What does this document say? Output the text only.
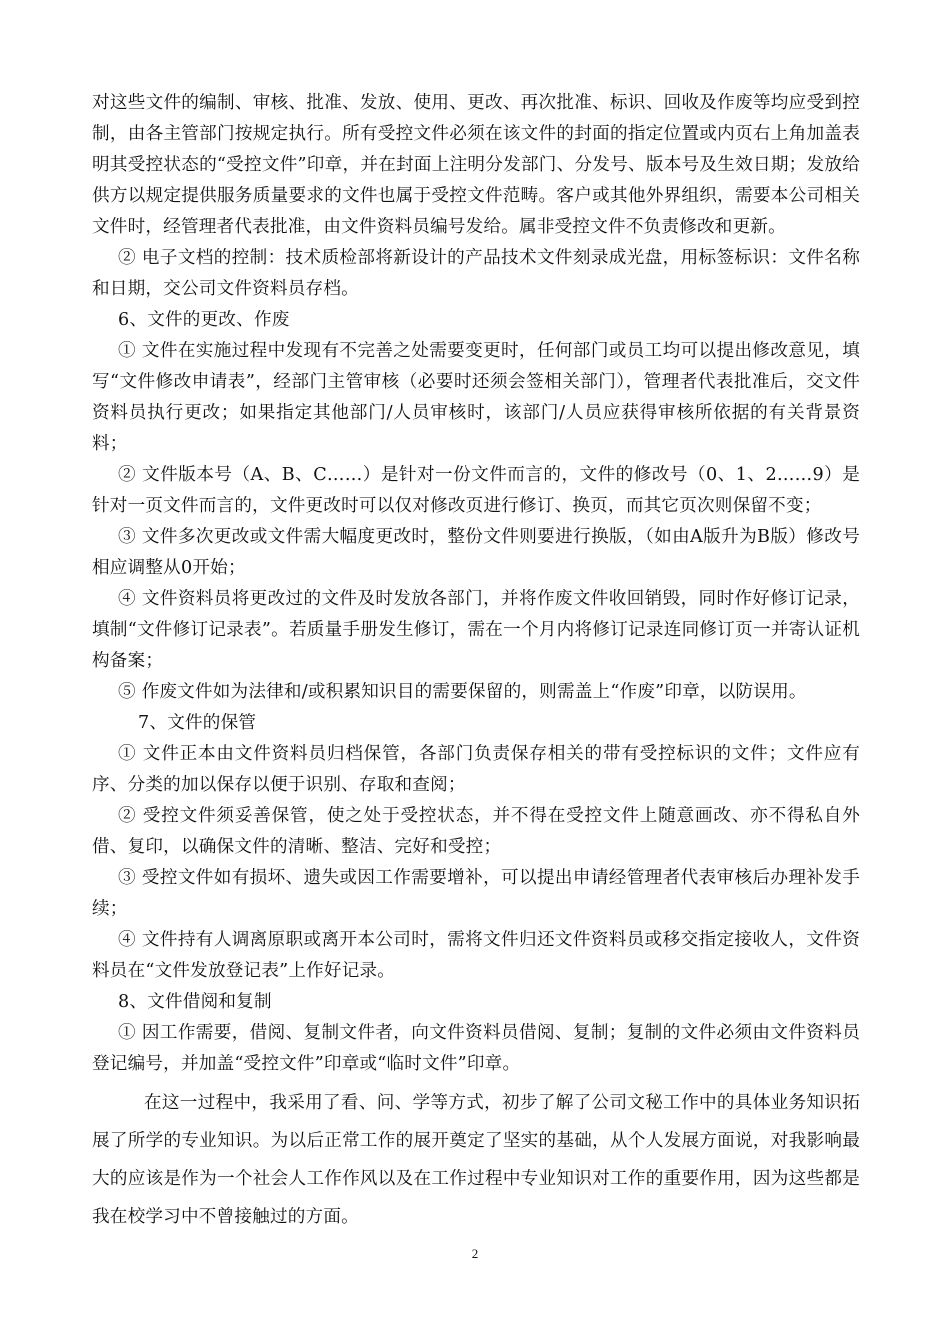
对这些文件的编制、审核、批准、发放、使用、更改、再次批准、标识、回收及作废等均应受到控制，由各主管部门按规定执行。所有受控文件必须在该文件的封面的指定位置或内页右上角加盖表明其受控状态的“受控文件”印章，并在封面上注明分发部门、分发号、版本号及生效日期；发放给供方以规定提供服务质量要求的文件也属于受控文件范畴。客户或其他外界组织，需要本公司相关文件时，经管理者代表批准，由文件资料员编号发给。属非受控文件不负责修改和更新。

② 电子文档的控制：技术质检部将新设计的产品技术文件刻录成光盘，用标签标识：文件名称和日期，交公司文件资料员存档。

6、文件的更改、作废

① 文件在实施过程中发现有不完善之处需要变更时，任何部门或员工均可以提出修改意见，填写“文件修改申请表”，经部门主管审核（必要时还须会签相关部门），管理者代表批准后，交文件资料员执行更改；如果指定其他部门/人员审核时，该部门/人员应获得审核所依据的有关背景资料；

② 文件版本号（A、B、C……）是针对一份文件而言的，文件的修改号（0、1、2……9）是针对一页文件而言的，文件更改时可以仅对修改页进行修订、换页，而其它页次则保留不变；

③ 文件多次更改或文件需大幅度更改时，整份文件则要进行换版，（如由A版升为B版）修改号相应调整从0开始；

④ 文件资料员将更改过的文件及时发放各部门，并将作废文件收回销毁，同时作好修订记录，填制“文件修订记录表”。若质量手册发生修订，需在一个月内将修订记录连同修订页一并寄认证机构备案；

⑤ 作废文件如为法律和/或积累知识目的需要保留的，则需盖上“作废”印章，以防误用。

7、文件的保管

① 文件正本由文件资料员归档保管，各部门负责保存相关的带有受控标识的文件；文件应有序、分类的加以保存以便于识别、存取和查阅；

② 受控文件须妥善保管，使之处于受控状态，并不得在受控文件上随意画改、亦不得私自外借、复印，以确保文件的清晰、整洁、完好和受控；

③ 受控文件如有损坏、遗失或因工作需要增补，可以提出申请经管理者代表审核后办理补发手续；

④ 文件持有人调离原职或离开本公司时，需将文件归还文件资料员或移交指定接收人，文件资料员在“文件发放登记表”上作好记录。

8、文件借阅和复制

① 因工作需要，借阅、复制文件者，向文件资料员借阅、复制；复制的文件必须由文件资料员登记编号，并加盖“受控文件”印章或“临时文件”印章。

在这一过程中，我采用了看、问、学等方式，初步了解了公司文秘工作中的具体业务知识拓展了所学的专业知识。为以后正常工作的展开奠定了坚实的基础，从个人发展方面说，对我影响最大的应该是作为一个社会人工作作风以及在工作过程中专业知识对工作的重要作用，因为这些都是我在校学习中不曾接触过的方面。

2
